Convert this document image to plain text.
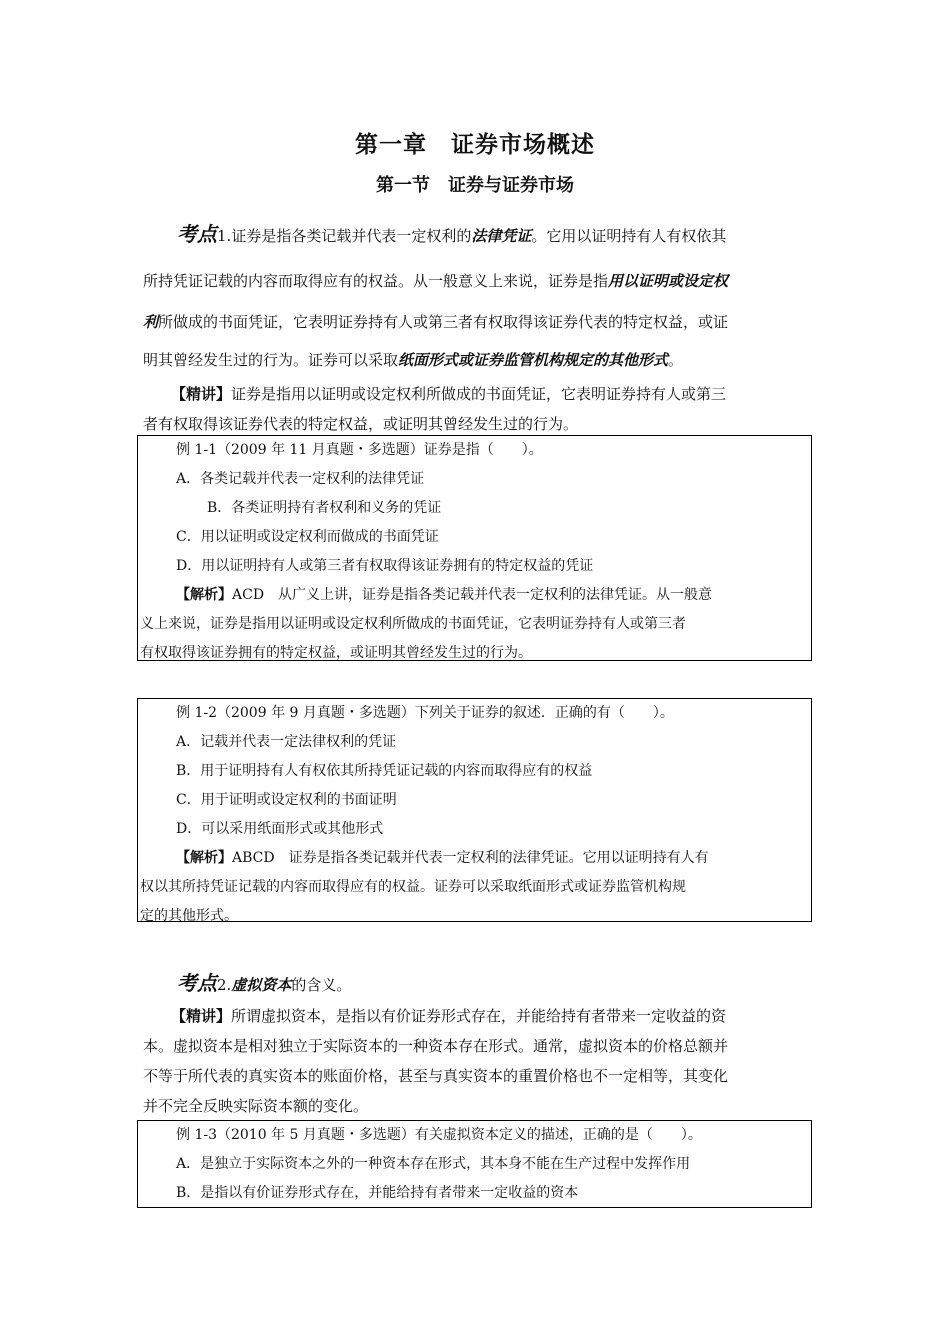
第一章　证券市场概述
第一节　证券与证券市场
考点1.证券是指各类记载并代表一定权利的法律凭证。它用以证明持有人有权依其
所持凭证记载的内容而取得应有的权益。从一般意义上来说，证券是指用以证明或设定权
利所做成的书面凭证，它表明证券持有人或第三者有权取得该证券代表的特定权益，或证
明其曾经发生过的行为。证券可以采取纸面形式或证券监管机构规定的其他形式。
【精讲】证券是指用以证明或设定权利所做成的书面凭证，它表明证券持有人或第三
者有权取得该证券代表的特定权益，或证明其曾经发生过的行为。
例 1-1（2009 年 11 月真题・多选题）证券是指（　　）。
A．各类记载并代表一定权利的法律凭证
B．各类证明持有者权利和义务的凭证
C．用以证明或设定权利而做成的书面凭证
D．用以证明持有人或第三者有权取得该证券拥有的特定权益的凭证
【解析】ACD　从广义上讲，证券是指各类记载并代表一定权利的法律凭证。从一般意
义上来说，证券是指用以证明或设定权利所做成的书面凭证，它表明证券持有人或第三者
有权取得该证券拥有的特定权益，或证明其曾经发生过的行为。
例 1-2（2009 年 9 月真题・多选题）下列关于证券的叙述．正确的有（　　）。
A．记载并代表一定法律权利的凭证
B．用于证明持有人有权依其所持凭证记载的内容而取得应有的权益
C．用于证明或设定权利的书面证明
D．可以采用纸面形式或其他形式
【解析】ABCD　证券是指各类记载并代表一定权利的法律凭证。它用以证明持有人有
权以其所持凭证记载的内容而取得应有的权益。证券可以采取纸面形式或证券监管机构规
定的其他形式。
考点2.虚拟资本的含义。
【精讲】所谓虚拟资本，是指以有价证券形式存在，并能给持有者带来一定收益的资
本。虚拟资本是相对独立于实际资本的一种资本存在形式。通常，虚拟资本的价格总额并
不等于所代表的真实资本的账面价格，甚至与真实资本的重置价格也不一定相等，其变化
并不完全反映实际资本额的变化。
例 1-3（2010 年 5 月真题・多选题）有关虚拟资本定义的描述，正确的是（　　）。
A．是独立于实际资本之外的一种资本存在形式，其本身不能在生产过程中发挥作用
B．是指以有价证券形式存在，并能给持有者带来一定收益的资本
